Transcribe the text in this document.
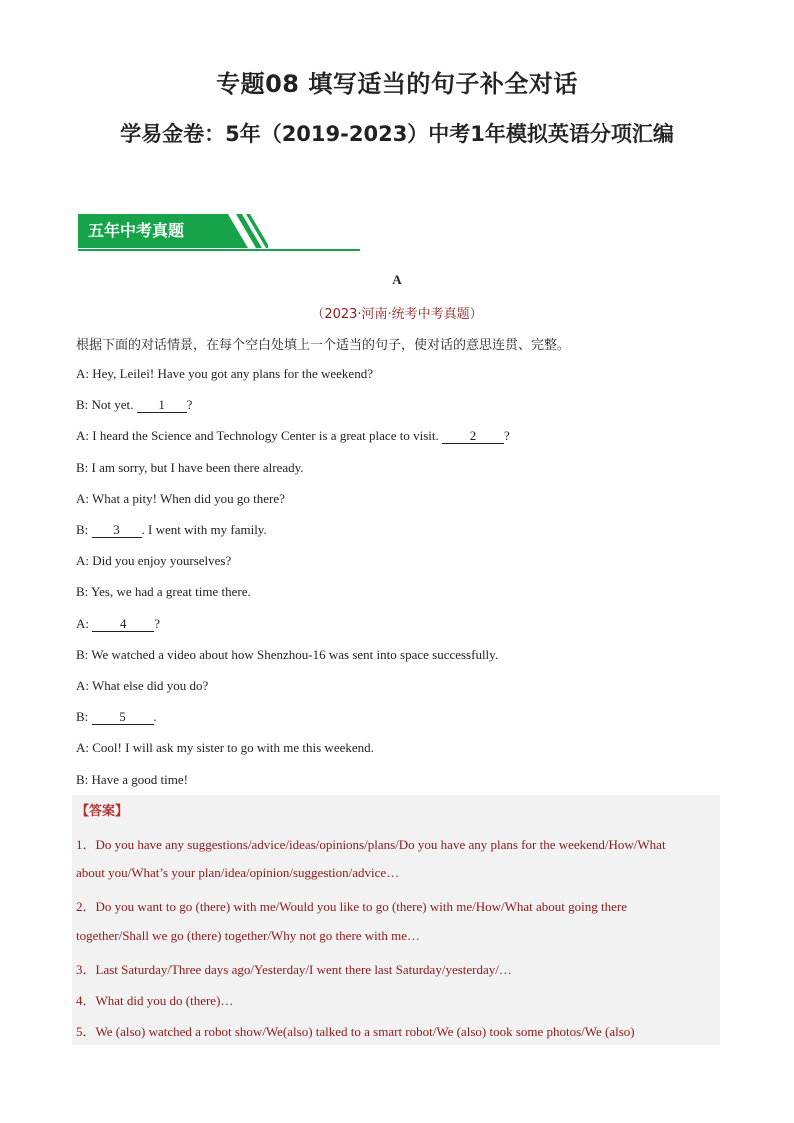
专题08 填写适当的句子补全对话
学易金卷：5年（2019-2023）中考1年模拟英语分项汇编
五年中考真题
A
（2023·河南·统考中考真题）
根据下面的对话情景，在每个空白处填上一个适当的句子，使对话的意思连贯、完整。
A: Hey, Leilei! Have you got any plans for the weekend?
B: Not yet. 1 ?
A: I heard the Science and Technology Center is a great place to visit. 2 ?
B: I am sorry, but I have been there already.
A: What a pity! When did you go there?
B: 3 . I went with my family.
A: Did you enjoy yourselves?
B: Yes, we had a great time there.
A: 4 ?
B: We watched a video about how Shenzhou-16 was sent into space successfully.
A: What else did you do?
B: 5 .
A: Cool! I will ask my sister to go with me this weekend.
B: Have a good time!
【答案】
1．Do you have any suggestions/advice/ideas/opinions/plans/Do you have any plans for the weekend/How/What
about you/What’s your plan/idea/opinion/suggestion/advice…
2．Do you want to go (there) with me/Would you like to go (there) with me/How/What about going there
together/Shall we go (there) together/Why not go there with me…
3．Last Saturday/Three days ago/Yesterday/I went there last Saturday/yesterday/…
4．What did you do (there)…
5．We (also) watched a robot show/We(also) talked to a smart robot/We (also) took some photos/We (also)
